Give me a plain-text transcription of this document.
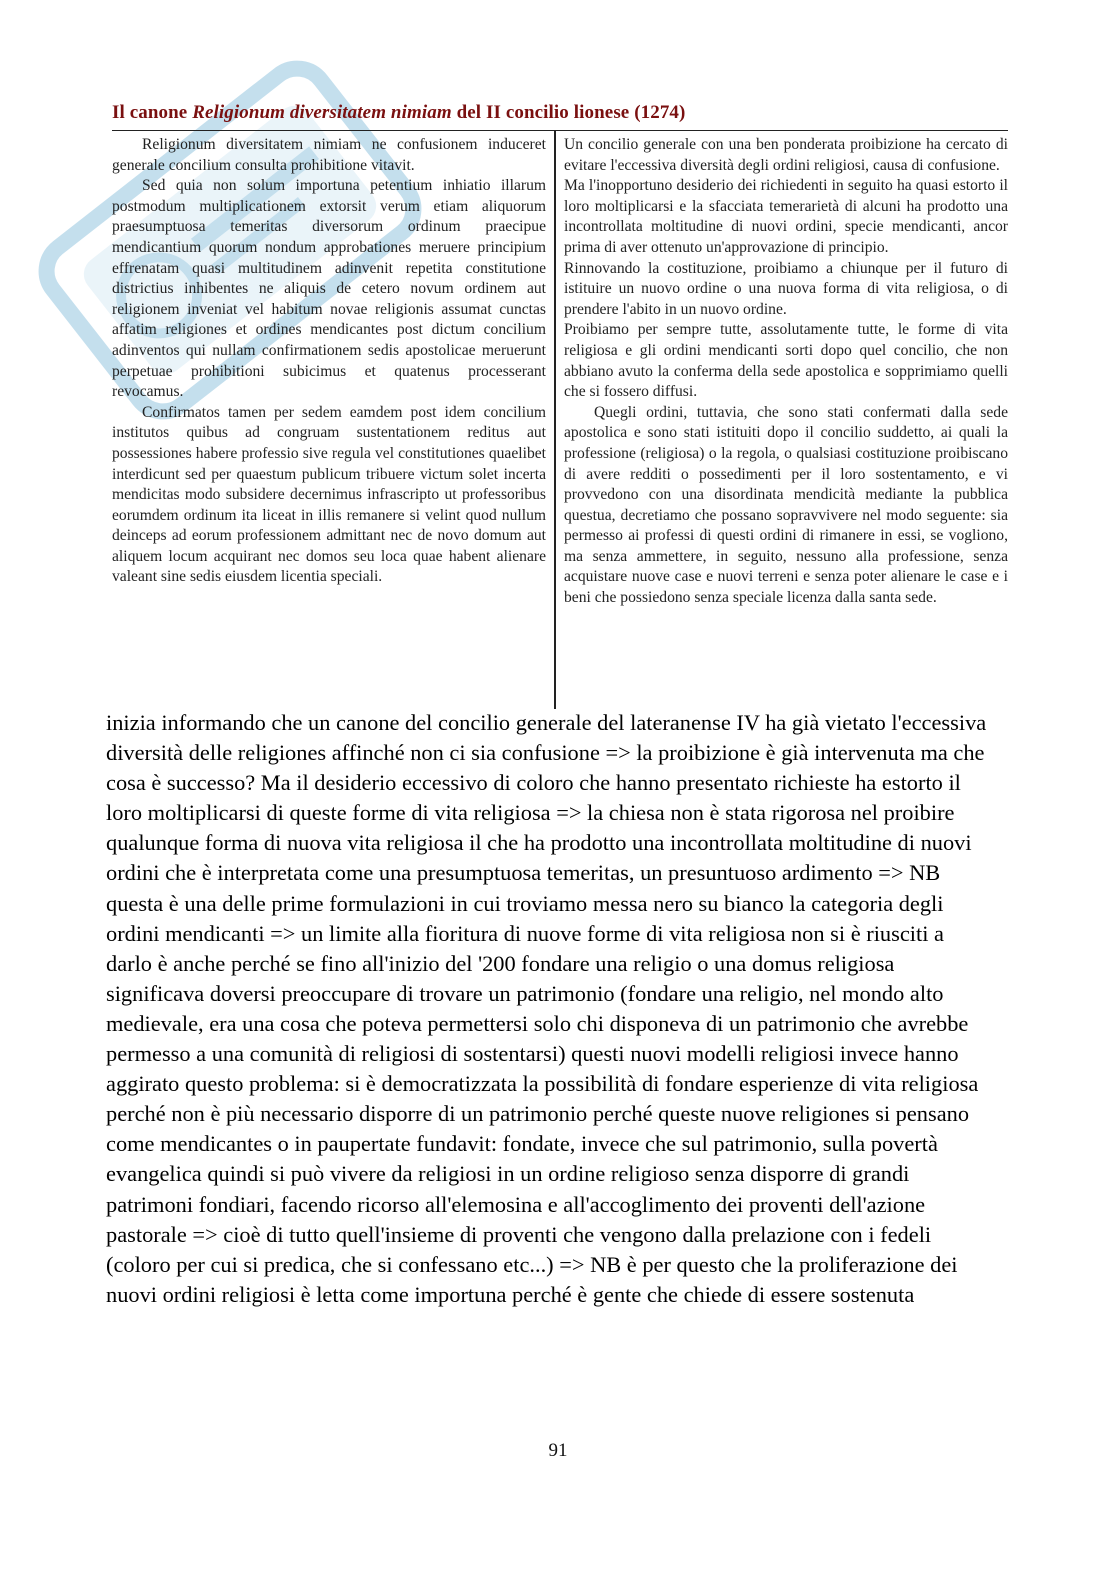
Il canone Religionum diversitatem nimiam del II concilio lionese (1274)

Religionum diversitatem nimiam ne confusionem induceret generale concilium consulta prohibitione vitavit.

Sed quia non solum importuna petentium inhiatio illarum postmodum multiplicationem extorsit verum etiam aliquorum praesumptuosa temeritas diversorum ordinum praecipue mendicantium quorum nondum approbationes meruere principium effrenatam quasi multitudinem adinvenit repetita constitutione districtius inhibentes ne aliquis de cetero novum ordinem aut religionem inveniat vel habitum novae religionis assumat cunctas affatim religiones et ordines mendicantes post dictum concilium adinventos qui nullam confirmationem sedis apostolicae meruerunt perpetuae prohibitioni subicimus et quatenus processerant revocamus.

Confirmatos tamen per sedem eamdem post idem concilium institutos quibus ad congruam sustentationem reditus aut possessiones habere professio sive regula vel constitutiones quaelibet interdicunt sed per quaestum publicum tribuere victum solet incerta mendicitas modo subsidere decernimus infrascripto ut professoribus eorumdem ordinum ita liceat in illis remanere si velint quod nullum deinceps ad eorum professionem admittant nec de novo domum aut aliquem locum acquirant nec domos seu loca quae habent alienare valeant sine sedis eiusdem licentia speciali.

Un concilio generale con una ben ponderata proibizione ha cercato di evitare l'eccessiva diversità degli ordini religiosi, causa di confusione.

Ma l'inopportuno desiderio dei richiedenti in seguito ha quasi estorto il loro moltiplicarsi e la sfacciata temerarietà di alcuni ha prodotto una incontrollata moltitudine di nuovi ordini, specie mendicanti, ancor prima di aver ottenuto un'approvazione di principio.

Rinnovando la costituzione, proibiamo a chiunque per il futuro di istituire un nuovo ordine o una nuova forma di vita religiosa, o di prendere l'abito in un nuovo ordine.

Proibiamo per sempre tutte, assolutamente tutte, le forme di vita religiosa e gli ordini mendicanti sorti dopo quel concilio, che non abbiano avuto la conferma della sede apostolica e sopprimiamo quelli che si fossero diffusi.

Quegli ordini, tuttavia, che sono stati confermati dalla sede apostolica e sono stati istituiti dopo il concilio suddetto, ai quali la professione (religiosa) o la regola, o qualsiasi costituzione proibiscano di avere redditi o possedimenti per il loro sostentamento, e vi provvedono con una disordinata mendicità mediante la pubblica questua, decretiamo che possano sopravvivere nel modo seguente: sia permesso ai professi di questi ordini di rimanere in essi, se vogliono, ma senza ammettere, in seguito, nessuno alla professione, senza acquistare nuove case e nuovi terreni e senza poter alienare le case e i beni che possiedono senza speciale licenza dalla santa sede.

inizia informando che un canone del concilio generale del lateranense IV ha già vietato l'eccessiva diversità delle religiones affinché non ci sia confusione => la proibizione è già intervenuta ma che cosa è successo? Ma il desiderio eccessivo di coloro che hanno presentato richieste ha estorto il loro moltiplicarsi di queste forme di vita religiosa => la chiesa non è stata rigorosa nel proibire qualunque forma di nuova vita religiosa il che ha prodotto una incontrollata moltitudine di nuovi ordini che è interpretata come una presumptuosa temeritas, un presuntuoso ardimento => NB questa è una delle prime formulazioni in cui troviamo messa nero su bianco la categoria degli ordini mendicanti => un limite alla fioritura di nuove forme di vita religiosa non si è riusciti a darlo è anche perché se fino all'inizio del '200 fondare una religio o una domus religiosa significava doversi preoccupare di trovare un patrimonio (fondare una religio, nel mondo alto medievale, era una cosa che poteva permettersi solo chi disponeva di un patrimonio che avrebbe permesso a una comunità di religiosi di sostentarsi) questi nuovi modelli religiosi invece hanno aggirato questo problema: si è democratizzata la possibilità di fondare esperienze di vita religiosa perché non è più necessario disporre di un patrimonio perché queste nuove religiones si pensano come mendicantes o in paupertate fundavit: fondate, invece che sul patrimonio, sulla povertà evangelica quindi si può vivere da religiosi in un ordine religioso senza disporre di grandi patrimoni fondiari, facendo ricorso all'elemosina e all'accoglimento dei proventi dell'azione pastorale => cioè di tutto quell'insieme di proventi che vengono dalla prelazione con i fedeli (coloro per cui si predica, che si confessano etc...) => NB è per questo che la proliferazione dei nuovi ordini religiosi è letta come importuna perché è gente che chiede di essere sostenuta

91
